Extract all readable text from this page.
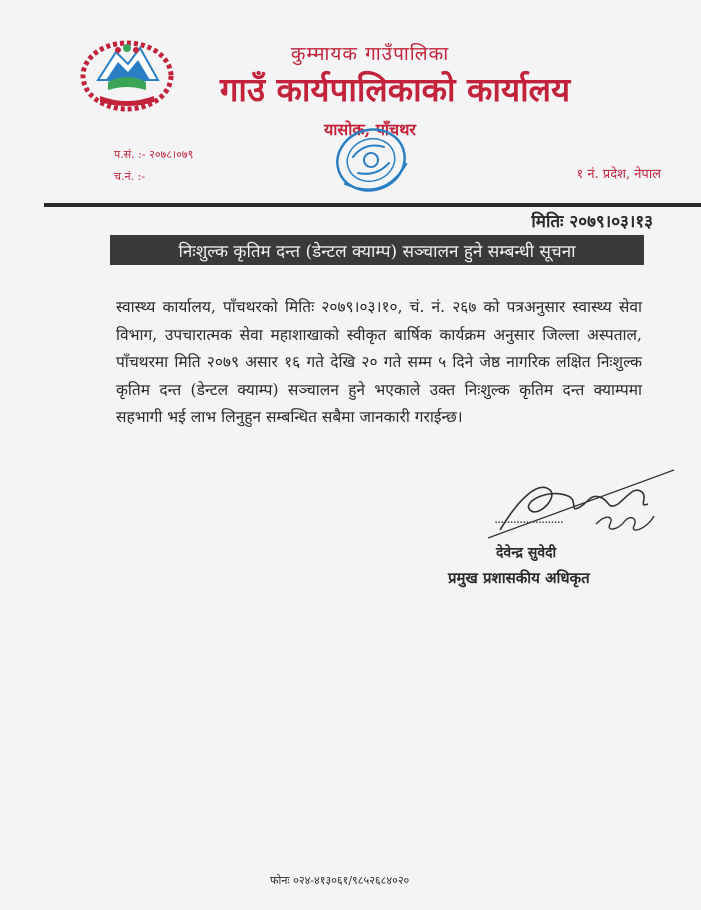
कुम्मायक गाउँपालिका
गाउँ कार्यपालिकाको कार्यालय
यासोक, पाँचथर
प.सं. :- २०७८।०७९
च.नं. :-	१ नं. प्रदेश, नेपाल
मितिः २०७९।०३।१३
निःशुल्क कृतिम दन्त (डेन्टल क्याम्प) सञ्चालन हुने सम्बन्धी सूचना
स्वास्थ्य कार्यालय, पाँचथरको मितिः २०७९।०३।१०, चं. नं. २६७ को पत्रअनुसार स्वास्थ्य सेवा विभाग, उपचारात्मक सेवा महाशाखाको स्वीकृत बार्षिक कार्यक्रम अनुसार जिल्ला अस्पताल, पाँचथरमा मिति २०७९ असार १६ गते देखि २० गते सम्म ५ दिने जेष्ठ नागरिक लक्षित निःशुल्क कृतिम दन्त (डेन्टल क्याम्प) सञ्चालन हुने भएकाले उक्त निःशुल्क कृतिम दन्त क्याम्पमा सहभागी भई लाभ लिनुहुन सम्बन्धित सबैमा जानकारी गराईन्छ।
......................
देवेन्द्र सुवेदी
प्रमुख प्रशासकीय अधिकृत
फोनः ०२४-४१३०६१/९८५२६८४०२०
